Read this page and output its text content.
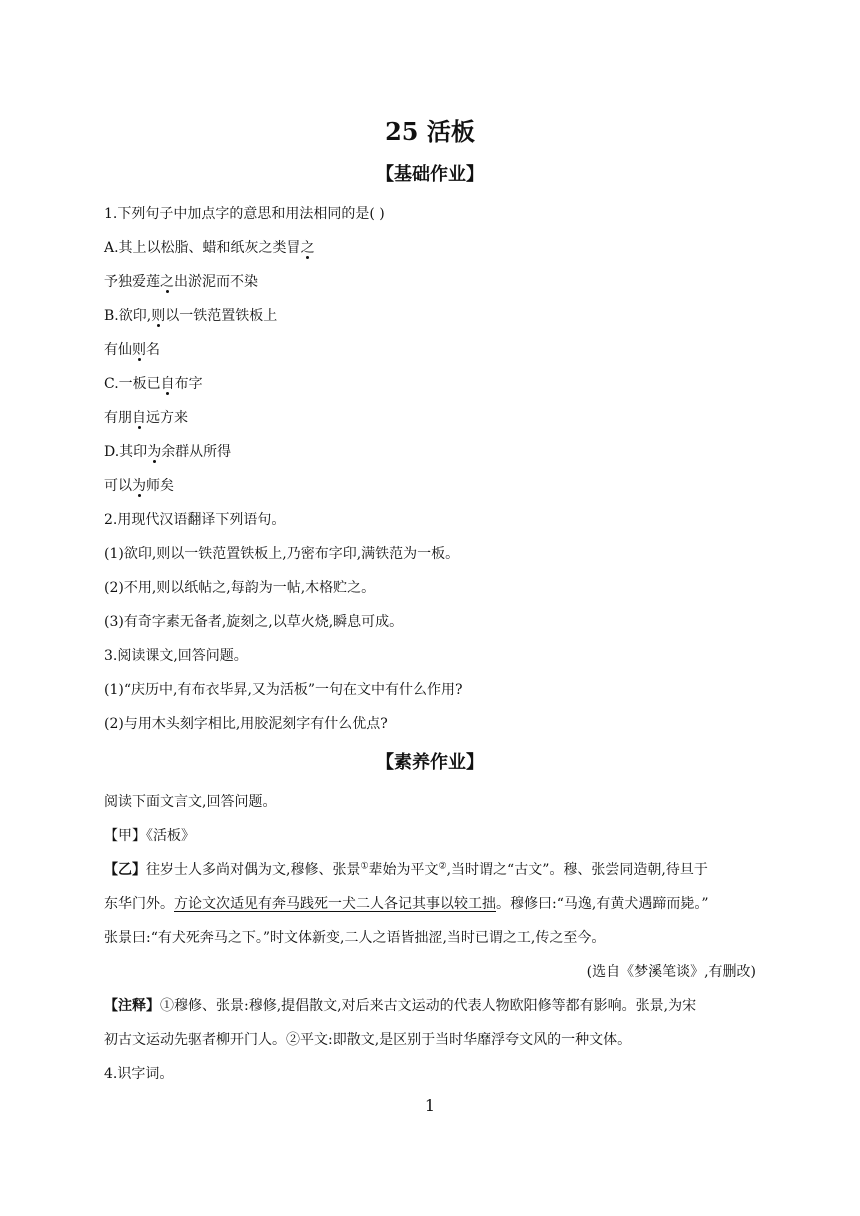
25 活板
【基础作业】
1.下列句子中加点字的意思和用法相同的是( )
A.其上以松脂、蜡和纸灰之类冒之
予独爱莲之出淤泥而不染
B.欲印,则以一铁范置铁板上
有仙则名
C.一板已自布字
有朋自远方来
D.其印为余群从所得
可以为师矣
2.用现代汉语翻译下列语句。
(1)欲印,则以一铁范置铁板上,乃密布字印,满铁范为一板。
(2)不用,则以纸帖之,每韵为一帖,木格贮之。
(3)有奇字素无备者,旋刻之,以草火烧,瞬息可成。
3.阅读课文,回答问题。
(1)“庆历中,有布衣毕昇,又为活板”一句在文中有什么作用?
(2)与用木头刻字相比,用胶泥刻字有什么优点?
【素养作业】
阅读下面文言文,回答问题。
【甲】《活板》
【乙】往岁士人多尚对偶为文,穆修、张景①辈始为平文②,当时谓之“古文”。穆、张尝同造朝,待旦于
东华门外。方论文次适见有奔马践死一犬二人各记其事以较工拙。穆修曰:“马逸,有黄犬遇蹄而毙。”
张景曰:“有犬死奔马之下。”时文体新变,二人之语皆拙涩,当时已谓之工,传之至今。
(选自《梦溪笔谈》,有删改)
【注释】①穆修、张景:穆修,提倡散文,对后来古文运动的代表人物欧阳修等都有影响。张景,为宋
初古文运动先驱者柳开门人。②平文:即散文,是区别于当时华靡浮夸文风的一种文体。
4.识字词。
1
